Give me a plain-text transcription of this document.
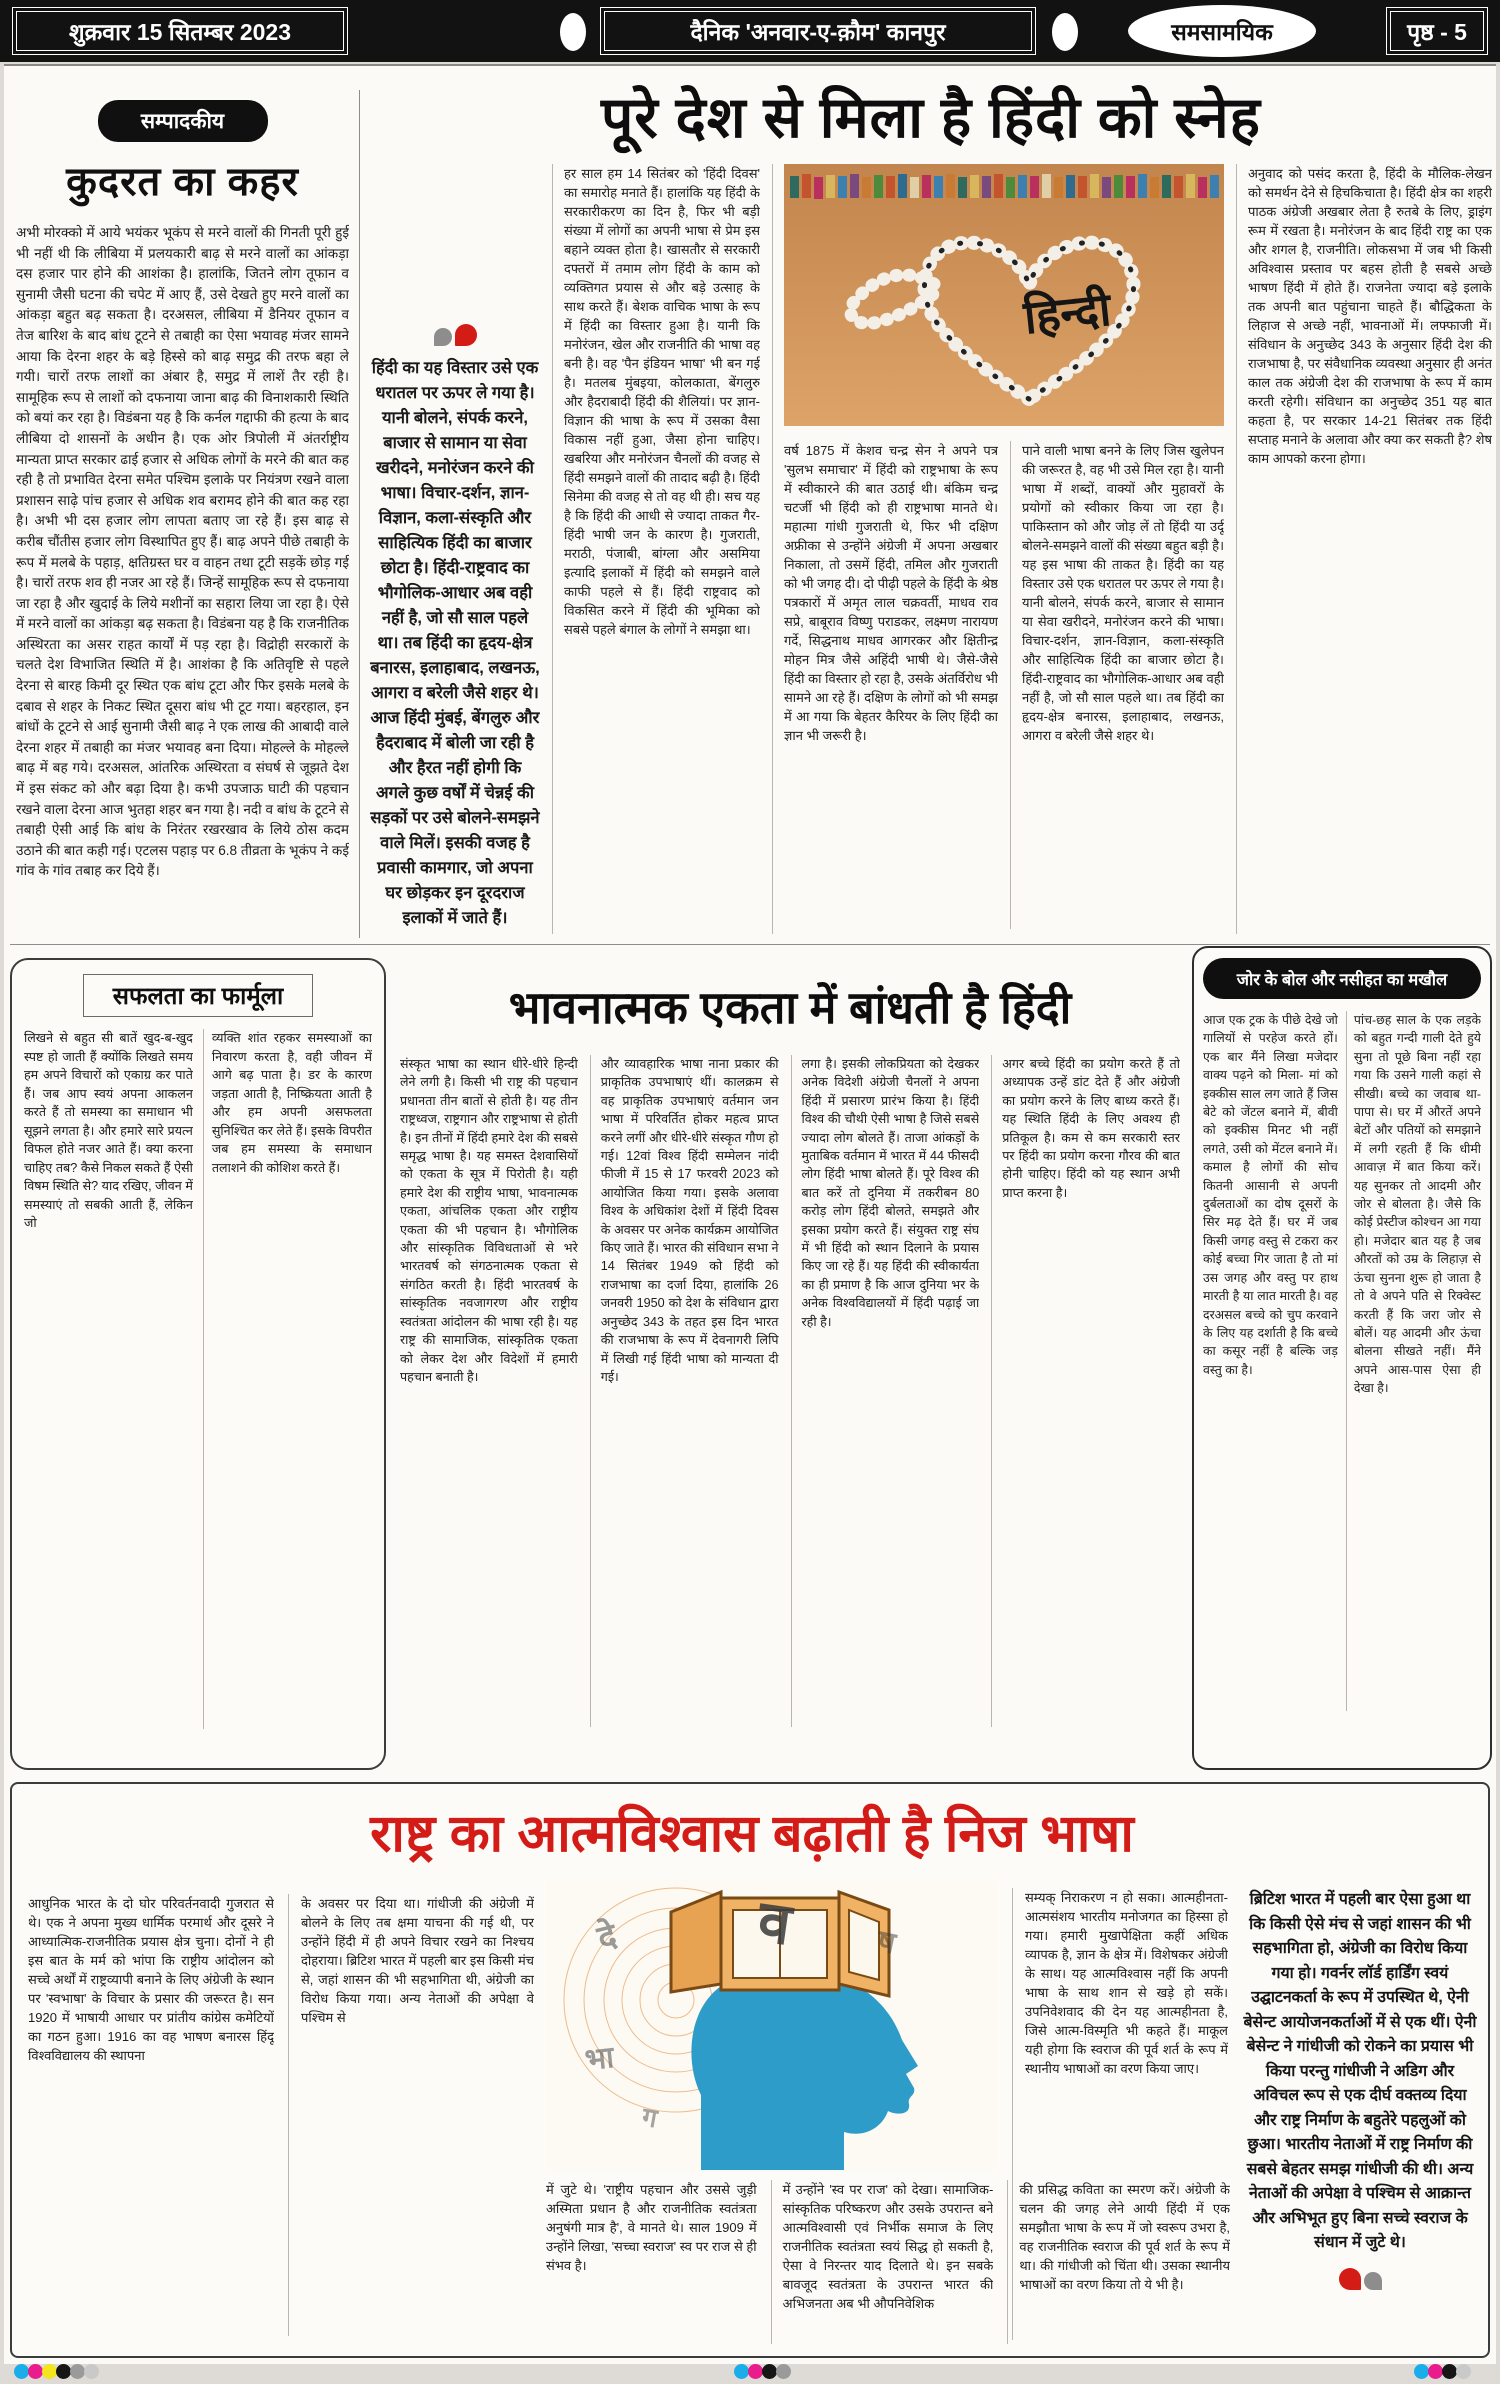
शुक्रवार 15 सितम्बर 2023	दैनिक 'अनवार-ए-क़ौम' कानपुर	समसामयिक	पृष्ठ - 5
सम्पादकीय
कुदरत का कहर
अभी मोरक्को में आये भयंकर भूकंप से मरने वालों की गिनती पूरी हुई भी नहीं थी कि लीबिया में प्रलयकारी बाढ़ से मरने वालों का आंकड़ा दस हजार पार होने की आशंका है। हालांकि, जितने लोग तूफान व सुनामी जैसी घटना की चपेट में आए हैं, उसे देखते हुए मरने वालों का आंकड़ा बहुत बढ़ सकता है। दरअसल, लीबिया में डैनियर तूफान व तेज बारिश के बाद बांध टूटने से तबाही का ऐसा भयावह मंजर सामने आया कि देरना शहर के बड़े हिस्से को बाढ़ समुद्र की तरफ बहा ले गयी। चारों तरफ लाशों का अंबार है, समुद्र में लाशें तैर रही है। सामूहिक रूप से लाशों को दफनाया जाना बाढ़ की विनाशकारी स्थिति को बयां कर रहा है। विडंबना यह है कि कर्नल गद्दाफी की हत्या के बाद लीबिया दो शासनों के अधीन है। एक ओर त्रिपोली में अंतर्राष्ट्रीय मान्यता प्राप्त सरकार ढाई हजार से अधिक लोगों के मरने की बात कह रही है तो प्रभावित देरना समेत पश्चिम इलाके पर नियंत्रण रखने वाला प्रशासन साढ़े पांच हजार से अधिक शव बरामद होने की बात कह रहा है। अभी भी दस हजार लोग लापता बताए जा रहे हैं। इस बाढ़ से करीब चौंतीस हजार लोग विस्थापित हुए हैं। बाढ़ अपने पीछे तबाही के रूप में मलबे के पहाड़, क्षतिग्रस्त घर व वाहन तथा टूटी सड़कें छोड़ गई है। चारों तरफ शव ही नजर आ रहे हैं। जिन्हें सामूहिक रूप से दफनाया जा रहा है और खुदाई के लिये मशीनों का सहारा लिया जा रहा है। ऐसे में मरने वालों का आंकड़ा बढ़ सकता है। विडंबना यह है कि राजनीतिक अस्थिरता का असर राहत कार्यों में पड़ रहा है। विद्रोही सरकारों के चलते देश विभाजित स्थिति में है। आशंका है कि अतिवृष्टि से पहले देरना से बारह किमी दूर स्थित एक बांध टूटा और फिर इसके मलबे के दबाव से शहर के निकट स्थित दूसरा बांध भी टूट गया। बहरहाल, इन बांधों के टूटने से आई सुनामी जैसी बाढ़ ने एक लाख की आबादी वाले देरना शहर में तबाही का मंजर भयावह बना दिया। मोहल्ले के मोहल्ले बाढ़ में बह गये। दरअसल, आंतरिक अस्थिरता व संघर्ष से जूझते देश में इस संकट को और बढ़ा दिया है। कभी उपजाऊ घाटी की पहचान रखने वाला देरना आज भुतहा शहर बन गया है। नदी व बांध के टूटने से तबाही ऐसी आई कि बांध के निरंतर रखरखाव के लिये ठोस कदम उठाने की बात कही गई। एटलस पहाड़ पर 6.8 तीव्रता के भूकंप ने कई गांव के गांव तबाह कर दिये हैं।
पूरे देश से मिला है हिंदी को स्नेह
हिंदी का यह विस्तार उसे एक धरातल पर ऊपर ले गया है। यानी बोलने, संपर्क करने, बाजार से सामान या सेवा खरीदने, मनोरंजन करने की भाषा। विचार-दर्शन, ज्ञान-विज्ञान, कला-संस्कृति और साहित्यिक हिंदी का बाजार छोटा है। हिंदी-राष्ट्रवाद का भौगोलिक-आधार अब वही नहीं है, जो सौ साल पहले था। तब हिंदी का हृदय-क्षेत्र बनारस, इलाहाबाद, लखनऊ, आगरा व बरेली जैसे शहर थे। आज हिंदी मुंबई, बेंगलुरु और हैदराबाद में बोली जा रही है और हैरत नहीं होगी कि अगले कुछ वर्षों में चेन्नई की सड़कों पर उसे बोलने-समझने वाले मिलें। इसकी वजह है प्रवासी कामगार, जो अपना घर छोड़कर इन दूरदराज इलाकों में जाते हैं।
हर साल हम 14 सितंबर को 'हिंदी दिवस' का समारोह मनाते हैं। हालांकि यह हिंदी के सरकारीकरण का दिन है, फिर भी बड़ी संख्या में लोगों का अपनी भाषा से प्रेम इस बहाने व्यक्त होता है। खासतौर से सरकारी दफ्तरों में तमाम लोग हिंदी के काम को व्यक्तिगत प्रयास से और बड़े उत्साह के साथ करते हैं। बेशक वाचिक भाषा के रूप में हिंदी का विस्तार हुआ है। यानी कि मनोरंजन, खेल और राजनीति की भाषा वह बनी है। वह 'पैन इंडियन भाषा' भी बन गई है। मतलब मुंबइया, कोलकाता, बेंगलुरु और हैदराबादी हिंदी की शैलियां। पर ज्ञान-विज्ञान की भाषा के रूप में उसका वैसा विकास नहीं हुआ, जैसा होना चाहिए। खबरिया और मनोरंजन चैनलों की वजह से हिंदी समझने वालों की तादाद बढ़ी है। हिंदी सिनेमा की वजह से तो वह थी ही। सच यह है कि हिंदी की आधी से ज्यादा ताकत गैर-हिंदी भाषी जन के कारण है। गुजराती, मराठी, पंजाबी, बांग्ला और असमिया इत्यादि इलाकों में हिंदी को समझने वाले काफी पहले से हैं। हिंदी राष्ट्रवाद को विकसित करने में हिंदी की भूमिका को सबसे पहले बंगाल के लोगों ने समझा था।
हिन्दी
वर्ष 1875 में केशव चन्द्र सेन ने अपने पत्र 'सुलभ समाचार' में हिंदी को राष्ट्रभाषा के रूप में स्वीकारने की बात उठाई थी। बंकिम चन्द्र चटर्जी भी हिंदी को ही राष्ट्रभाषा मानते थे। महात्मा गांधी गुजराती थे, फिर भी दक्षिण अफ्रीका से उन्होंने अंग्रेजी में अपना अखबार निकाला, तो उसमें हिंदी, तमिल और गुजराती को भी जगह दी। दो पीढ़ी पहले के हिंदी के श्रेष्ठ पत्रकारों में अमृत लाल चक्रवर्ती, माधव राव सप्रे, बाबूराव विष्णु पराडकर, लक्ष्मण नारायण गर्दे, सिद्धनाथ माधव आगरकर और क्षितीन्द्र मोहन मित्र जैसे अहिंदी भाषी थे। जैसे-जैसे हिंदी का विस्तार हो रहा है, उसके अंतर्विरोध भी सामने आ रहे हैं। दक्षिण के लोगों को भी समझ में आ गया कि बेहतर कैरियर के लिए हिंदी का ज्ञान भी जरूरी है।
पाने वाली भाषा बनने के लिए जिस खुलेपन की जरूरत है, वह भी उसे मिल रहा है। यानी भाषा में शब्दों, वाक्यों और मुहावरों के प्रयोगों को स्वीकार किया जा रहा है। पाकिस्तान को और जोड़ लें तो हिंदी या उर्दू बोलने-समझने वालों की संख्या बहुत बड़ी है। यह इस भाषा की ताकत है। हिंदी का यह विस्तार उसे एक धरातल पर ऊपर ले गया है। यानी बोलने, संपर्क करने, बाजार से सामान या सेवा खरीदने, मनोरंजन करने की भाषा। विचार-दर्शन, ज्ञान-विज्ञान, कला-संस्कृति और साहित्यिक हिंदी का बाजार छोटा है। हिंदी-राष्ट्रवाद का भौगोलिक-आधार अब वही नहीं है, जो सौ साल पहले था। तब हिंदी का हृदय-क्षेत्र बनारस, इलाहाबाद, लखनऊ, आगरा व बरेली जैसे शहर थे।
अनुवाद को पसंद करता है, हिंदी के मौलिक-लेखन को समर्थन देने से हिचकिचाता है। हिंदी क्षेत्र का शहरी पाठक अंग्रेजी अखबार लेता है रुतबे के लिए, ड्राइंग रूम में रखता है। मनोरंजन के बाद हिंदी राष्ट्र का एक और शगल है, राजनीति। लोकसभा में जब भी किसी अविश्वास प्रस्ताव पर बहस होती है सबसे अच्छे भाषण हिंदी में होते हैं। राजनेता ज्यादा बड़े इलाके तक अपनी बात पहुंचाना चाहते हैं। बौद्धिकता के लिहाज से अच्छे नहीं, भावनाओं में। लफ्फाजी में। संविधान के अनुच्छेद 343 के अनुसार हिंदी देश की राजभाषा है, पर संवैधानिक व्यवस्था अनुसार ही अनंत काल तक अंग्रेजी देश की राजभाषा के रूप में काम करती रहेगी। संविधान का अनुच्छेद 351 यह बात कहता है, पर सरकार 14-21 सितंबर तक हिंदी सप्ताह मनाने के अलावा और क्या कर सकती है? शेष काम आपको करना होगा।
सफलता का फार्मूला
लिखने से बहुत सी बातें खुद-ब-खुद स्पष्ट हो जाती हैं क्योंकि लिखते समय हम अपने विचारों को एकाग्र कर पाते हैं। जब आप स्वयं अपना आकलन करते हैं तो समस्या का समाधान भी सूझने लगता है। और हमारे सारे प्रयत्न विफल होते नजर आते हैं। क्या करना चाहिए तब? कैसे निकल सकते हैं ऐसी विषम स्थिति से? याद रखिए, जीवन में समस्याएं तो सबकी आती हैं, लेकिन जो
व्यक्ति शांत रहकर समस्याओं का निवारण करता है, वही जीवन में आगे बढ़ पाता है। डर के कारण जड़ता आती है, निष्क्रियता आती है और हम अपनी असफलता सुनिश्चित कर लेते हैं। इसके विपरीत जब हम समस्या के समाधान तलाशने की कोशिश करते हैं।
भावनात्मक एकता में बांधती है हिंदी
संस्कृत भाषा का स्थान धीरे-धीरे हिन्दी लेने लगी है। किसी भी राष्ट्र की पहचान प्रधानता तीन बातों से होती है। यह तीन राष्ट्रध्वज, राष्ट्रगान और राष्ट्रभाषा से होती है। इन तीनों में हिंदी हमारे देश की सबसे समृद्ध भाषा है। यह समस्त देशवासियों को एकता के सूत्र में पिरोती है। यही हमारे देश की राष्ट्रीय भाषा, भावनात्मक एकता, आंचलिक एकता और राष्ट्रीय एकता की भी पहचान है। भौगोलिक और सांस्कृतिक विविधताओं से भरे भारतवर्ष को संगठनात्मक एकता से संगठित करती है। हिंदी भारतवर्ष के सांस्कृतिक नवजागरण और राष्ट्रीय स्वतंत्रता आंदोलन की भाषा रही है। यह राष्ट्र की सामाजिक, सांस्कृतिक एकता को लेकर देश और विदेशों में हमारी पहचान बनाती है।
और व्यावहारिक भाषा नाना प्रकार की प्राकृतिक उपभाषाएं थीं। कालक्रम से वह प्राकृतिक उपभाषाएं वर्तमान जन भाषा में परिवर्तित होकर महत्व प्राप्त करने लगीं और धीरे-धीरे संस्कृत गौण हो गई। 12वां विश्व हिंदी सम्मेलन नांदी फीजी में 15 से 17 फरवरी 2023 को आयोजित किया गया। इसके अलावा विश्व के अधिकांश देशों में हिंदी दिवस के अवसर पर अनेक कार्यक्रम आयोजित किए जाते हैं। भारत की संविधान सभा ने 14 सितंबर 1949 को हिंदी को राजभाषा का दर्जा दिया, हालांकि 26 जनवरी 1950 को देश के संविधान द्वारा अनुच्छेद 343 के तहत इस दिन भारत की राजभाषा के रूप में देवनागरी लिपि में लिखी गई हिंदी भाषा को मान्यता दी गई।
लगा है। इसकी लोकप्रियता को देखकर अनेक विदेशी अंग्रेजी चैनलों ने अपना हिंदी में प्रसारण प्रारंभ किया है। हिंदी विश्व की चौथी ऐसी भाषा है जिसे सबसे ज्यादा लोग बोलते हैं। ताजा आंकड़ों के मुताबिक वर्तमान में भारत में 44 फीसदी लोग हिंदी भाषा बोलते हैं। पूरे विश्व की बात करें तो दुनिया में तकरीबन 80 करोड़ लोग हिंदी बोलते, समझते और इसका प्रयोग करते हैं। संयुक्त राष्ट्र संघ में भी हिंदी को स्थान दिलाने के प्रयास किए जा रहे हैं। यह हिंदी की स्वीकार्यता का ही प्रमाण है कि आज दुनिया भर के अनेक विश्वविद्यालयों में हिंदी पढ़ाई जा रही है।
अगर बच्चे हिंदी का प्रयोग करते हैं तो अध्यापक उन्हें डांट देते हैं और अंग्रेजी का प्रयोग करने के लिए बाध्य करते हैं। यह स्थिति हिंदी के लिए अवश्य ही प्रतिकूल है। कम से कम सरकारी स्तर पर हिंदी का प्रयोग करना गौरव की बात होनी चाहिए। हिंदी को यह स्थान अभी प्राप्त करना है।
जोर के बोल और नसीहत का मखौल
आज एक ट्रक के पीछे देखे जो गालियों से परहेज करते हों। एक बार मैंने लिखा मजेदार वाक्य पढ़ने को मिला- मां को इक्कीस साल लग जाते हैं जिस बेटे को जेंटल बनाने में, बीवी को इक्कीस मिनट भी नहीं लगते, उसी को मेंटल बनाने में। कमाल है लोगों की सोच कितनी आसानी से अपनी दुर्बलताओं का दोष दूसरों के सिर मढ़ देते हैं। घर में जब किसी जगह वस्तु से टकरा कर कोई बच्चा गिर जाता है तो मां उस जगह और वस्तु पर हाथ मारती है या लात मारती है। वह दरअसल बच्चे को चुप करवाने के लिए यह दर्शाती है कि बच्चे का कसूर नहीं है बल्कि जड़ वस्तु का है।
पांच-छह साल के एक लड़के को बहुत गन्दी गाली देते हुये सुना तो पूछे बिना नहीं रहा गया कि उसने गाली कहां से सीखी। बच्चे का जवाब था- पापा से। घर में औरतें अपने बेटों और पतियों को समझाने में लगी रहती हैं कि धीमी आवाज़ में बात किया करें। यह सुनकर तो आदमी और जोर से बोलता है। जैसे कि कोई प्रेस्टीज कोश्चन आ गया हो। मजेदार बात यह है जब औरतों को उम्र के लिहाज़ से ऊंचा सुनना शुरू हो जाता है तो वे अपने पति से रिक्वेस्ट करती हैं कि जरा जोर से बोलें। यह आदमी और ऊंचा बोलना सीखते नहीं। मैंने अपने आस-पास ऐसा ही देखा है।
राष्ट्र का आत्मविश्वास बढ़ाती है निज भाषा
आधुनिक भारत के दो घोर परिवर्तनवादी गुजरात से थे। एक ने अपना मुख्य धार्मिक परमार्थ और दूसरे ने आध्यात्मिक-राजनीतिक प्रयास क्षेत्र चुना। दोनों ने ही इस बात के मर्म को भांपा कि राष्ट्रीय आंदोलन को सच्चे अर्थों में राष्ट्रव्यापी बनाने के लिए अंग्रेजी के स्थान पर 'स्वभाषा' के विचार के प्रसार की जरूरत है। सन 1920 में भाषायी आधार पर प्रांतीय कांग्रेस कमेटियों का गठन हुआ। 1916 का वह भाषण बनारस हिंदू विश्वविद्यालय की स्थापना
के अवसर पर दिया था। गांधीजी की अंग्रेजी में बोलने के लिए तब क्षमा याचना की गई थी, पर उन्होंने हिंदी में ही अपने विचार रखने का निश्चय दोहराया। ब्रिटिश भारत में पहली बार इस किसी मंच से, जहां शासन की भी सहभागिता थी, अंग्रेजी का विरोध किया गया। अन्य नेताओं की अपेक्षा वे पश्चिम से
व
दे
भा
ग
ष
सम्यक् निराकरण न हो सका। आत्महीनता-आत्मसंशय भारतीय मनोजगत का हिस्सा हो गया। हमारी मुखापेक्षिता कहीं अधिक व्यापक है, ज्ञान के क्षेत्र में। विशेषकर अंग्रेजी के साथ। यह आत्मविश्वास नहीं कि अपनी भाषा के साथ शान से खड़े हो सकें। उपनिवेशवाद की देन यह आत्महीनता है, जिसे आत्म-विस्मृति भी कहते हैं। माकूल यही होगा कि स्वराज की पूर्व शर्त के रूप में स्थानीय भाषाओं का वरण किया जाए।
ब्रिटिश भारत में पहली बार ऐसा हुआ था कि किसी ऐसे मंच से जहां शासन की भी सहभागिता हो, अंग्रेजी का विरोध किया गया हो। गवर्नर लॉर्ड हार्डिंग स्वयं उद्घाटनकर्ता के रूप में उपस्थित थे, ऐनी बेसेन्ट आयोजनकर्ताओं में से एक थीं। ऐनी बेसेन्ट ने गांधीजी को रोकने का प्रयास भी किया परन्तु गांधीजी ने अडिग और अविचल रूप से एक दीर्घ वक्तव्य दिया और राष्ट्र निर्माण के बहुतेरे पहलुओं को छुआ। भारतीय नेताओं में राष्ट्र निर्माण की सबसे बेहतर समझ गांधीजी की थी। अन्य नेताओं की अपेक्षा वे पश्चिम से आक्रान्त और अभिभूत हुए बिना सच्चे स्वराज के संधान में जुटे थे।
में जुटे थे। 'राष्ट्रीय पहचान और उससे जुड़ी अस्मिता प्रधान है और राजनीतिक स्वतंत्रता अनुषंगी मात्र है', वे मानते थे। साल 1909 में उन्होंने लिखा, 'सच्चा स्वराज' स्व पर राज से ही संभव है।
में उन्होंने 'स्व पर राज' को देखा। सामाजिक-सांस्कृतिक परिष्करण और उसके उपरान्त बने आत्मविश्वासी एवं निर्भीक समाज के लिए राजनीतिक स्वतंत्रता स्वयं सिद्ध हो सकती है, ऐसा वे निरन्तर याद दिलाते थे। इन सबके बावजूद स्वतंत्रता के उपरान्त भारत की अभिजनता अब भी औपनिवेशिक
की प्रसिद्ध कविता का स्मरण करें। अंग्रेजी के चलन की जगह लेने आयी हिंदी में एक समझौता भाषा के रूप में जो स्वरूप उभरा है, वह राजनीतिक स्वराज की पूर्व शर्त के रूप में था। की गांधीजी को चिंता थी। उसका स्थानीय भाषाओं का वरण किया तो ये भी है।
